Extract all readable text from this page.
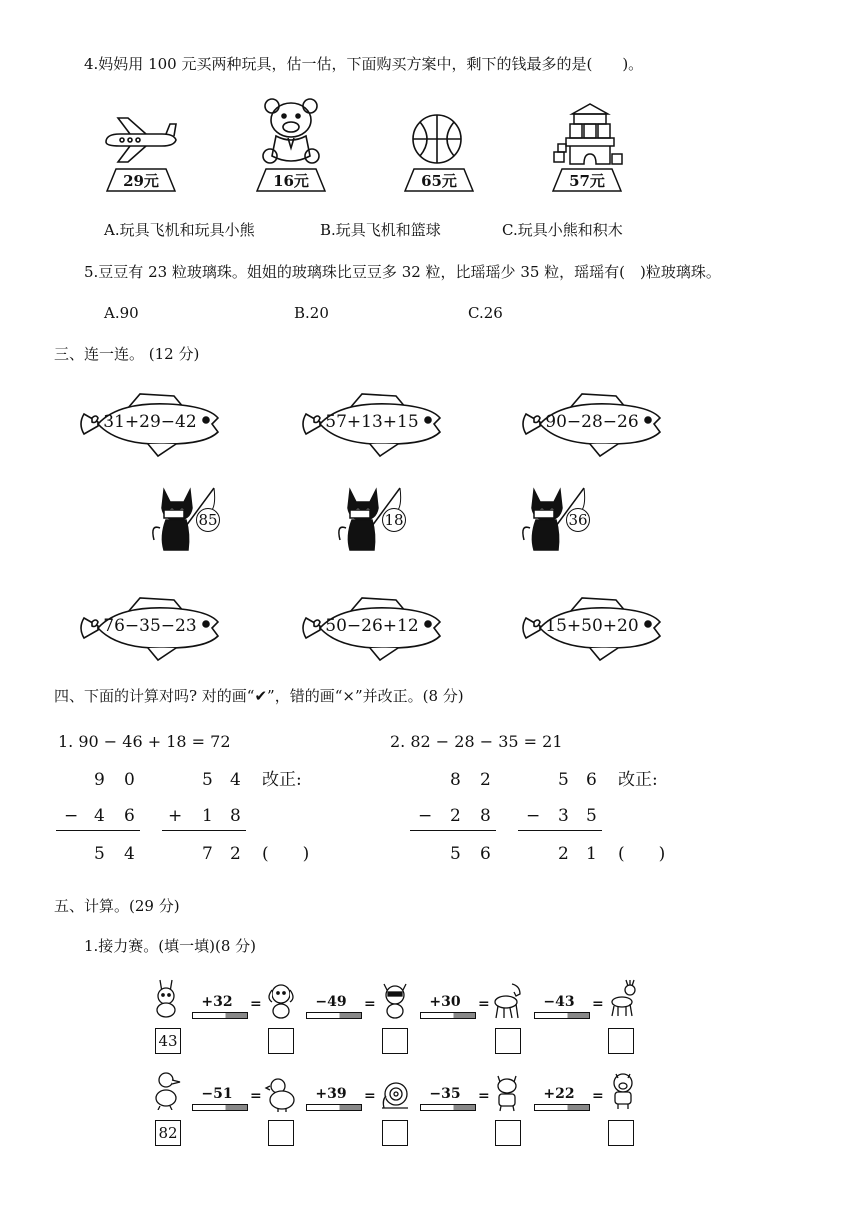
4.妈妈用 100 元买两种玩具，估一估，下面购买方案中，剩下的钱最多的是(　　)。
29元	16元	65元	57元
A.玩具飞机和玩具小熊	B.玩具飞机和篮球	C.玩具小熊和积木
5.豆豆有 23 粒玻璃珠。姐姐的玻璃珠比豆豆多 32 粒，比瑶瑶少 35 粒，瑶瑶有(　)粒玻璃珠。
A.90	B.20	C.26
三、连一连。 (12 分)
31+29−42	57+13+15	90−28−26
85	18	36
76−35−23	50−26+12	15+50+20
四、下面的计算对吗? 对的画“✔”，错的画“×”并改正。(8 分)
1. 90 − 46 + 18 = 72	2. 82 − 28 − 35 = 21
9 0
− 4 6
5 4
5 4
+ 1 8
7 2
改正:
(　　)
8 2
− 2 8
5 6
5 6
− 3 5
2 1
改正:
(　　)
五、计算。(29 分)
1.接力赛。(填一填)(8 分)
43
+32	=	−49	=	+30	=	−43	=
82
−51	=	+39	=	−35	=	+22	=
